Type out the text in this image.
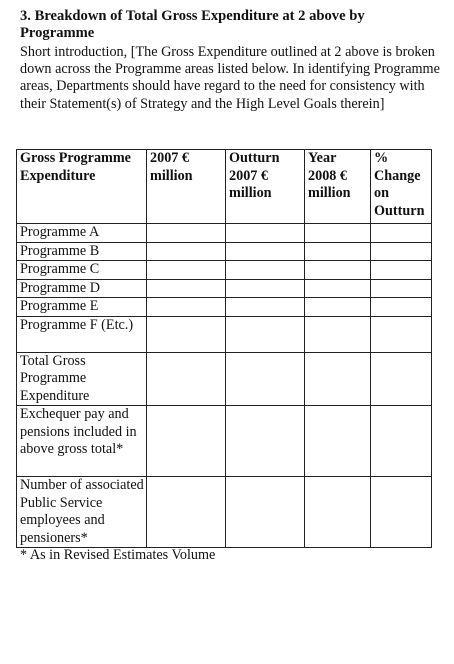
3. Breakdown of Total Gross Expenditure at 2 above by Programme
Short introduction, [The Gross Expenditure outlined at 2 above is broken down across the Programme areas listed below. In identifying Programme areas, Departments should have regard to the need for consistency with their Statement(s) of Strategy and the High Level Goals therein]
Gross Programme Expenditure	2007 € million	Outturn 2007 € million	Year 2008 € million	% Change on Outturn
Programme A				
Programme B				
Programme C				
Programme D				
Programme E				
Programme F (Etc.)				
Total Gross Programme Expenditure				
Exchequer pay and pensions included in above gross total*				
Number of associated Public Service employees and pensioners*				
* As in Revised Estimates Volume
